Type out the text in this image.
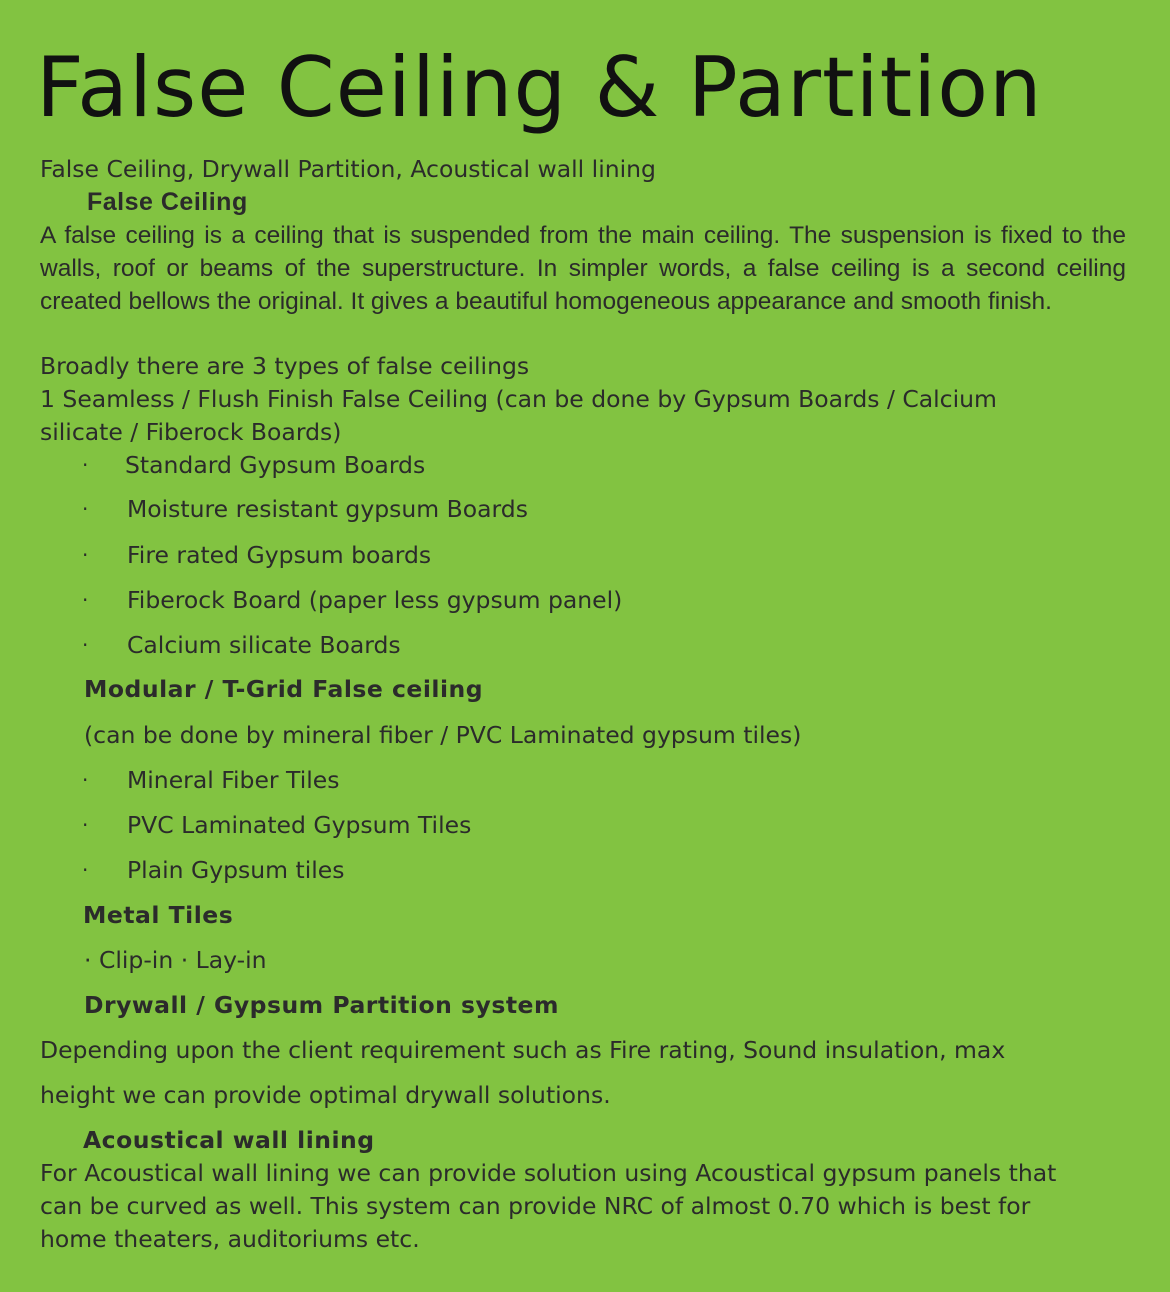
False Ceiling & Partition
False Ceiling, Drywall Partition, Acoustical wall lining
False Ceiling
A false ceiling is a ceiling that is suspended from the main ceiling. The suspension is fixed to the walls, roof or beams of the superstructure. In simpler words, a false ceiling is a second ceiling created bellows the original. It gives a beautiful homogeneous appearance and smooth finish.
Broadly there are 3 types of false ceilings
1 Seamless / Flush Finish False Ceiling (can be done by Gypsum Boards / Calcium
silicate / Fiberock Boards)
· Standard Gypsum Boards
· Moisture resistant gypsum Boards
· Fire rated Gypsum boards
· Fiberock Board (paper less gypsum panel)
· Calcium silicate Boards
Modular / T-Grid False ceiling
(can be done by mineral fiber / PVC Laminated gypsum tiles)
· Mineral Fiber Tiles
· PVC Laminated Gypsum Tiles
· Plain Gypsum tiles
Metal Tiles
· Clip-in · Lay-in
Drywall / Gypsum Partition system
Depending upon the client requirement such as Fire rating, Sound insulation, max
height we can provide optimal drywall solutions.
Acoustical wall lining
For Acoustical wall lining we can provide solution using Acoustical gypsum panels that
can be curved as well. This system can provide NRC of almost 0.70 which is best for
home theaters, auditoriums etc.
